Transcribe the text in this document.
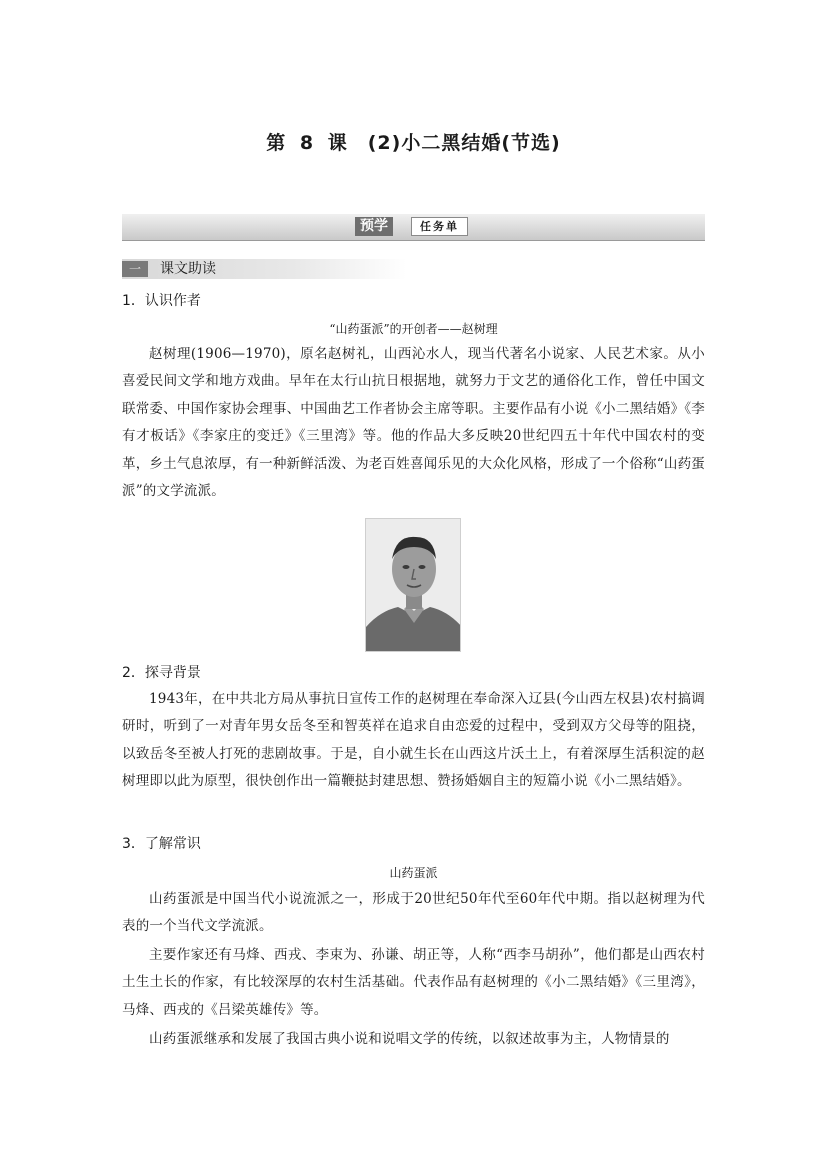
第 8 课　(2)小二黑结婚(节选)
预学	任务单
一	课文助读
1．认识作者
“山药蛋派”的开创者——赵树理

赵树理(1906—1970)，原名赵树礼，山西沁水人，现当代著名小说家、人民艺术家。从小喜爱民间文学和地方戏曲。早年在太行山抗日根据地，就努力于文艺的通俗化工作，曾任中国文联常委、中国作家协会理事、中国曲艺工作者协会主席等职。主要作品有小说《小二黑结婚》《李有才板话》《李家庄的变迁》《三里湾》等。他的作品大多反映20世纪四五十年代中国农村的变革，乡土气息浓厚，有一种新鲜活泼、为老百姓喜闻乐见的大众化风格，形成了一个俗称“山药蛋派”的文学流派。

2．探寻背景

1943年，在中共北方局从事抗日宣传工作的赵树理在奉命深入辽县(今山西左权县)农村搞调研时，听到了一对青年男女岳冬至和智英祥在追求自由恋爱的过程中，受到双方父母等的阻挠，以致岳冬至被人打死的悲剧故事。于是，自小就生长在山西这片沃土上，有着深厚生活积淀的赵树理即以此为原型，很快创作出一篇鞭挞封建思想、赞扬婚姻自主的短篇小说《小二黑结婚》。

3．了解常识
山药蛋派

山药蛋派是中国当代小说流派之一，形成于20世纪50年代至60年代中期。指以赵树理为代表的一个当代文学流派。

主要作家还有马烽、西戎、李束为、孙谦、胡正等，人称“西李马胡孙”，他们都是山西农村土生土长的作家，有比较深厚的农村生活基础。代表作品有赵树理的《小二黑结婚》《三里湾》，马烽、西戎的《吕梁英雄传》等。

山药蛋派继承和发展了我国古典小说和说唱文学的传统，以叙述故事为主，人物情景的
